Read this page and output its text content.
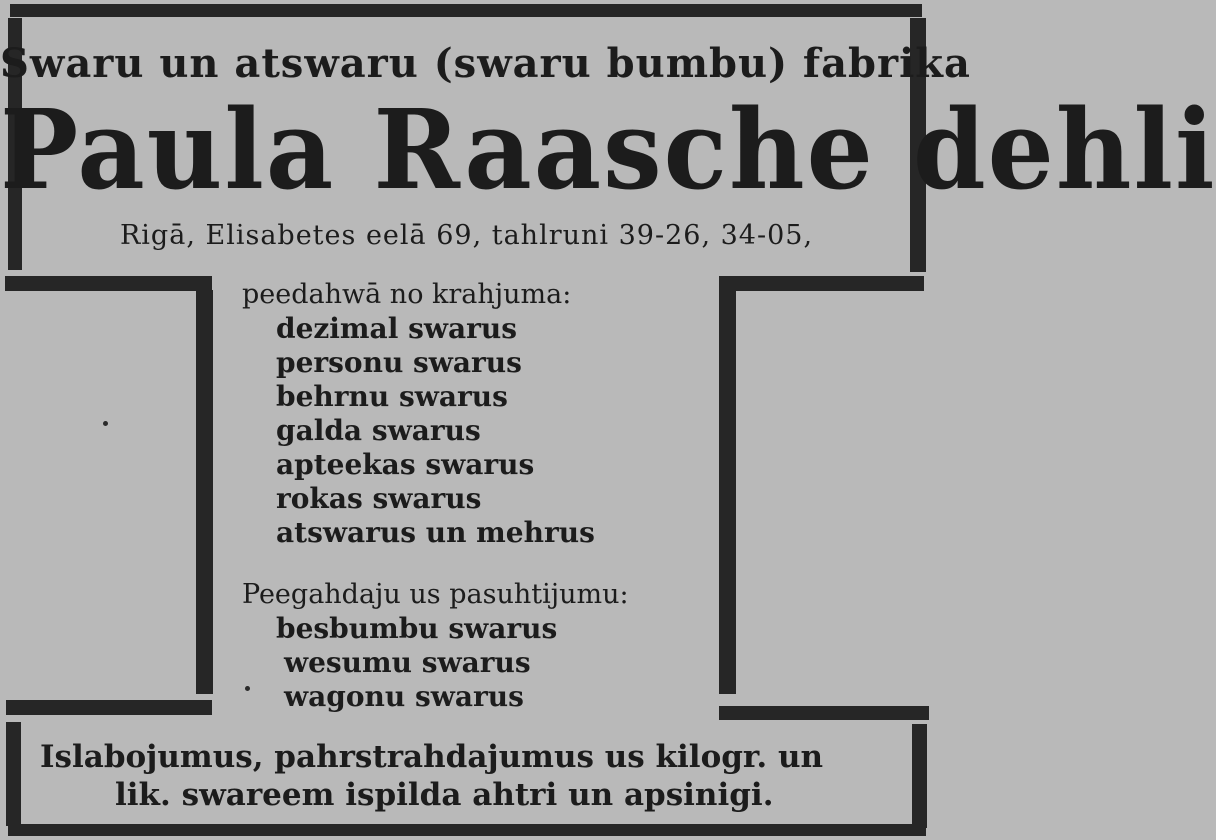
Swaru un atswaru (swaru bumbu) fabrika
Paula Raasche dehli
Rigā, Elisabetes eelā 69, tahlruni 39-26, 34-05,
peedahwā no krahjuma:
dezimal swarus
personu swarus
behrnu swarus
galda swarus
apteekas swarus
rokas swarus
atswarus un mehrus
Peegahdaju us pasuhtijumu:
besbumbu swarus
wesumu swarus
wagonu swarus
Islabojumus, pahrstrahdajumus us kilogr. un
lik. swareem ispilda ahtri un apsinigi.
